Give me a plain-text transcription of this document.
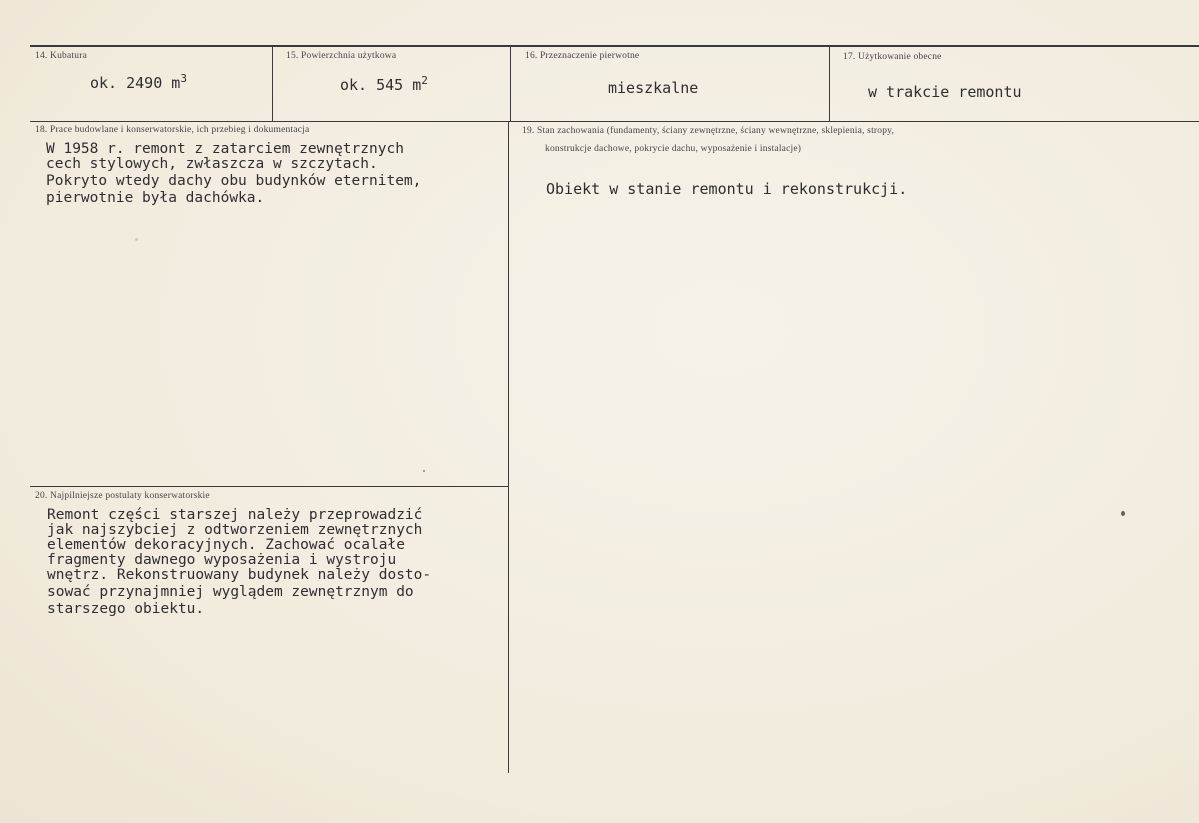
14. Kubatura
ok. 2490 $m^3$
15. Powierzchnia użytkowa
ok. 545 $m^2$
16. Przeznaczenie pierwotne
mieszkalne
17. Użytkowanie obecne
w trakcie remontu
18. Prace budowlane i konserwatorskie, ich przebieg i dokumentacja
W 1958 r. remont z zatarciem zewnętrznych
cech stylowych, zwłaszcza w szczytach.
Pokryto wtedy dachy obu budynków eternitem,
pierwotnie była dachówka.
19. Stan zachowania (fundamenty, ściany zewnętrzne, ściany wewnętrzne, sklepienia, stropy,
konstrukcje dachowe, pokrycie dachu, wyposażenie i instalacje)
Obiekt w stanie remontu i rekonstrukcji.
20. Najpilniejsze postulaty konserwatorskie
Remont części starszej należy przeprowadzić
jak najszybciej z odtworzeniem zewnętrznych
elementów dekoracyjnych. Zachować ocalałe
fragmenty dawnego wyposażenia i wystroju
wnętrz. Rekonstruowany budynek należy dosto-
sować przynajmniej wyglądem zewnętrznym do
starszego obiektu.
